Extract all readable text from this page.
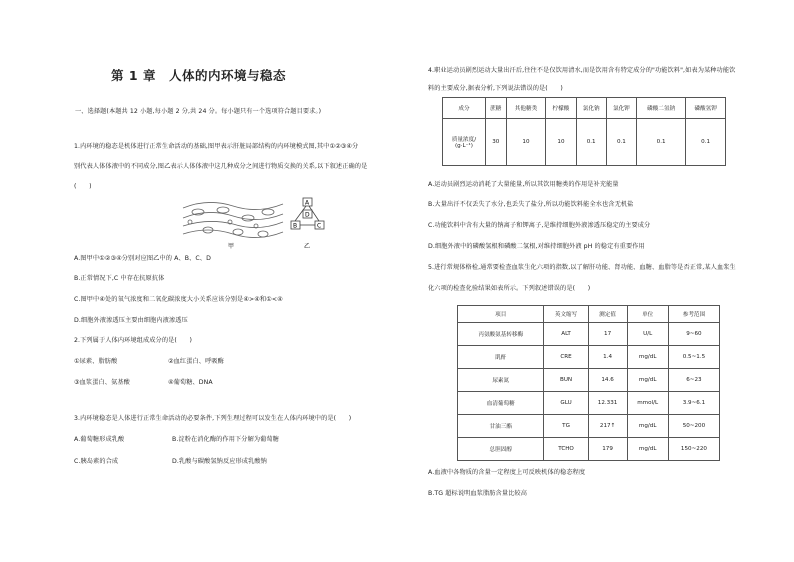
第 1 章　人体的内环境与稳态
一、选择题(本题共 12 小题,每小题 2 分,共 24 分。每小题只有一个选项符合题目要求。)
1.内环境的稳态是机体进行正常生命活动的基础,图甲表示肝脏局部结构的内环境模式图,其中①②③④分
别代表人体体液中的不同成分,图乙表示人体体液中这几种成分之间进行物质交换的关系,以下叙述正确的是
(　　)
A
B	C
D
甲	乙
A.图甲中①②③④分别对应图乙中的 A、B、C、D
B.正常情况下,C 中存在抗原抗体
C.图甲中④处的氧气浓度和二氧化碳浓度大小关系应该分别是④>④和①<④
D.细胞外液渗透压主要由细胞内液渗透压
2.下列属于人体内环境组成成分的是(　　)
①尿素、脂肪酸	②血红蛋白、呼吸酶
③血浆蛋白、氨基酸	④葡萄糖、DNA
3.内环境稳态是人体进行正常生命活动的必要条件,下列生理过程可以发生在人体内环境中的是(　　)
A.葡萄糖形成乳酸	B.淀粉在消化酶的作用下分解为葡萄糖
C.胰岛素的合成	D.乳酸与碳酸氢钠反应形成乳酸钠
4.职业运动员剧烈运动大量出汗后,往往不是仅饮用清水,而是饮用含有特定成分的"功能饮料",如表为某种功能饮
料的主要成分,据表分析,下列说法错误的是(　　)
成分	蔗糖	其他糖类	柠檬酸	氯化钠	氯化钾	磷酸二氢钠	磷酸氢钾

质量浓度/
(g·L⁻¹)	30	10	10	0.1	0.1	0.1	0.1
A.运动员剧烈运动消耗了大量能量,所以其饮用糖类的作用是补充能量
B.大量出汗不仅丢失了水分,也丢失了盐分,所以功能饮料能全水也含无机盐
C.功能饮料中含有大量的钠离子和钾离子,是维持细胞外液渗透压稳定的主要成分
D.细胞外液中的磷酸氢根和磷酸二氢根,对维持细胞外液 pH 的稳定有重要作用
5.进行常规体格检,通常要检查血浆生化六项的指数,以了解肝功能、肾功能、血糖、血脂等是否正常,某人血浆生
化六项的检查化验结果如表所示。下列叙述错误的是(　　)
项目	英文缩写	测定值	单位	参考范围
丙氨酸氨基转移酶	ALT	17	U/L	9~60
肌酐	CRE	1.4	mg/dL	0.5~1.5
尿素氮	BUN	14.6	mg/dL	6~23
血清葡萄糖	GLU	12.331	mmol/L	3.9~6.1
甘油三酯	TG	217↑	mg/dL	50~200
总胆固醇	TCHO	179	mg/dL	150~220
A.血液中各物质的含量一定程度上可反映机体的稳态程度
B.TG 超标说明血浆脂肪含量比较高
